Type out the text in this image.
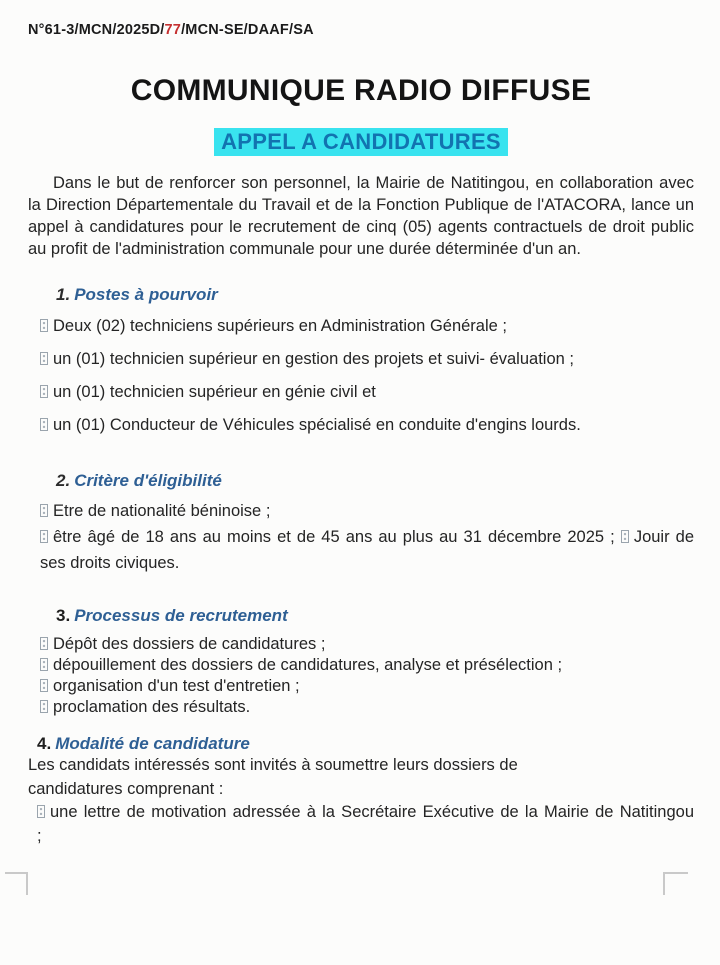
N°61-3/MCN/2025D/77/MCN-SE/DAAF/SA
COMMUNIQUE RADIO DIFFUSE
APPEL A CANDIDATURES

Dans le but de renforcer son personnel, la Mairie de Natitingou, en collaboration avec la Direction Départementale du Travail et de la Fonction Publique de l'ATACORA, lance un appel à candidatures pour le recrutement de cinq (05) agents contractuels de droit public au profit de l'administration communale pour une durée déterminée d'un an.

1. Postes à pourvoir

Deux (02) techniciens supérieurs en Administration Générale ;

un (01) technicien supérieur en gestion des projets et suivi- évaluation ;

un (01) technicien supérieur en génie civil et

un (01) Conducteur de Véhicules spécialisé en conduite d'engins lourds.

2. Critère d'éligibilité

Etre de nationalité béninoise ;

être âgé de 18 ans au moins et de 45 ans au plus au 31 décembre 2025 ; Jouir de ses droits civiques.

3. Processus de recrutement

Dépôt des dossiers de candidatures ;

dépouillement des dossiers de candidatures, analyse et présélection ;

organisation d'un test d'entretien ;

proclamation des résultats.

4. Modalité de candidature

Les candidats intéressés sont invités à soumettre leurs dossiers de candidatures comprenant :

une lettre de motivation adressée à la Secrétaire Exécutive de la Mairie de Natitingou ;
